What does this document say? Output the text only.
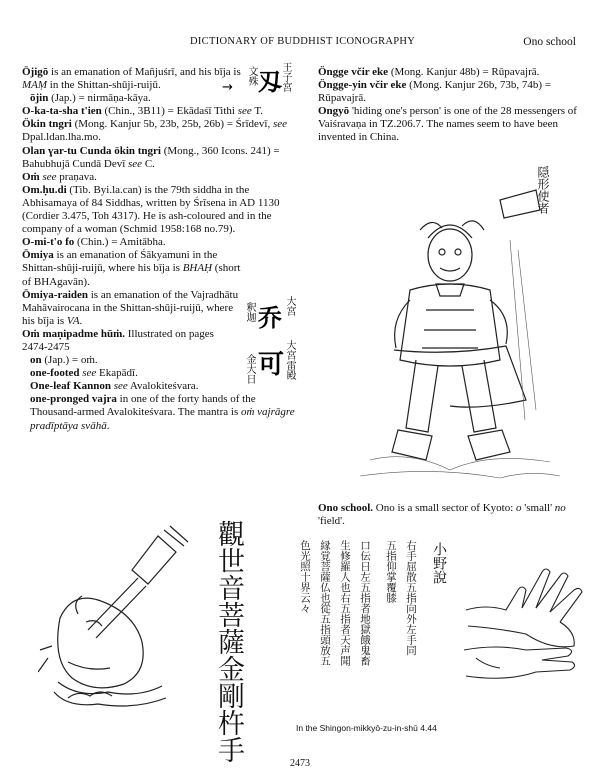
DICTIONARY OF BUDDHIST ICONOGRAPHY	Ono school

Ōjigō is an emanation of Mañjuśrī, and his bīja is MAṂ in the Shittan-shūji-ruijū.

ōjin (Jap.) = nirmāṇa-kāya.

O-ka-ta-sha t'ien (Chin., 3B11) = Ekādaśī Tithi see T.

Ökin tngri (Mong. Kanjur 5b, 23b, 25b, 26b) = Śrīdevī, see Dpal.ldan.lha.mo.

Olan ɣar-tu Cunda ökin tngri (Mong., 360 Icons. 241) = Bahubhujā Cundā Devī see C.

Oṁ see praṇava.

Om.ḥu.di (Tib. Byi.la.can) is the 79th siddha in the Abhisamaya of 84 Siddhas, written by Śrīsena in AD 1130 (Cordier 3.475, Toh 4317). He is ash-coloured and in the company of a woman (Schmid 1958:168 no.79).

O-mi-t'o fo (Chin.) = Amitābha.

Ōmiya is an emanation of Śākyamuni in the Shittan-shūji-ruijū, where his bīja is BHAḤ (short of BHAgavān).

Ōmiya-raiden is an emanation of the Vajradhātu Mahāvairocana in the Shittan-shūji-ruijū, where his bīja is VA.

Oṁ maṇipadme hūṁ. Illustrated on pages 2474-2475

on (Jap.) = oṁ.

one-footed see Ekapādī.

One-leaf Kannon see Avalokiteśvara.

one-pronged vajra in one of the forty hands of the Thousand-armed Avalokiteśvara. The mantra is oṁ vajrāgre pradīptāya svāhā.

→	王子宮
文殊 刄
大宮
釈迦 乔
大宮雷殿
金大日 可

Öngge včir eke (Mong. Kanjur 48b) = Rūpavajrā.

Öngge-yin včir eke (Mong. Kanjur 26b, 73b, 74b) = Rūpavajrā.

Ongyō 'hiding one's person' is one of the 28 messengers of Vaiśravaṇa in TZ.206.7. The names seem to have been invented in China.

隠形使者

Ono school. Ono is a small sector of Kyoto: o 'small' no 'field'.

觀世音菩薩金剛杵手	右手屈散五指向外左手同
五指仰掌覆膝
口伝日左五指者地獄餓鬼畜
生修羅人也右五指者天声聞
縁覚菩薩仏也從五指頭放五
色光照十界云々	小野說
In the Shingon-mikkyō-zu-in-shū 4.44
2473
